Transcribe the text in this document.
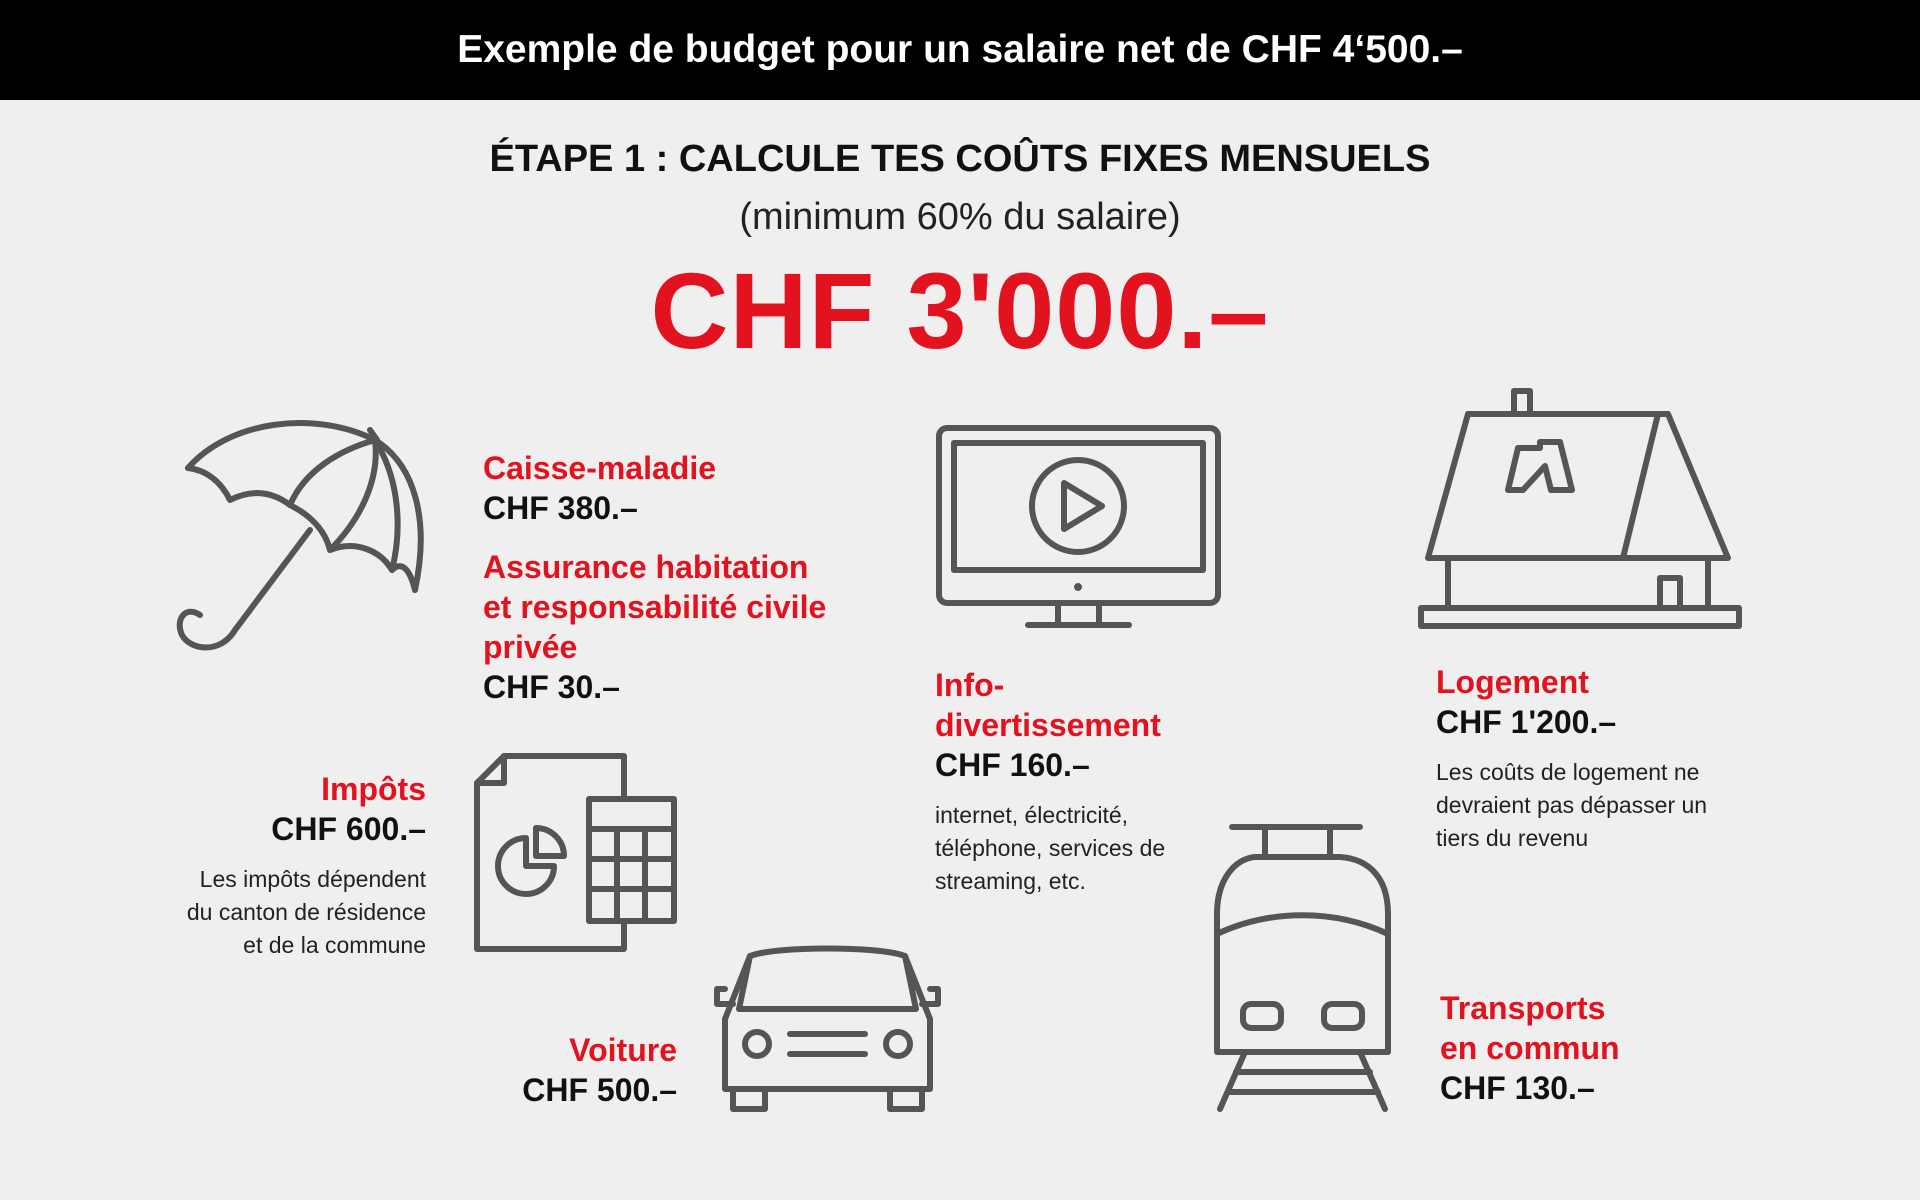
Exemple de budget pour un salaire net de CHF 4‘500.–
ÉTAPE 1 : CALCULE TES COÛTS FIXES MENSUELS
(minimum 60% du salaire)
CHF 3'000.–

Caisse-maladie

CHF 380.–

Assurance habitation

et responsabilité civile

privée

CHF 30.–

Impôts

CHF 600.–

Les impôts dépendent
du canton de résidence
et de la commune

Voiture

CHF 500.–

Info-

divertissement

CHF 160.–

internet, électricité,
téléphone, services de
streaming, etc.

Logement

CHF 1'200.–

Les coûts de logement ne
devraient pas dépasser un
tiers du revenu

Transports

en commun

CHF 130.–
